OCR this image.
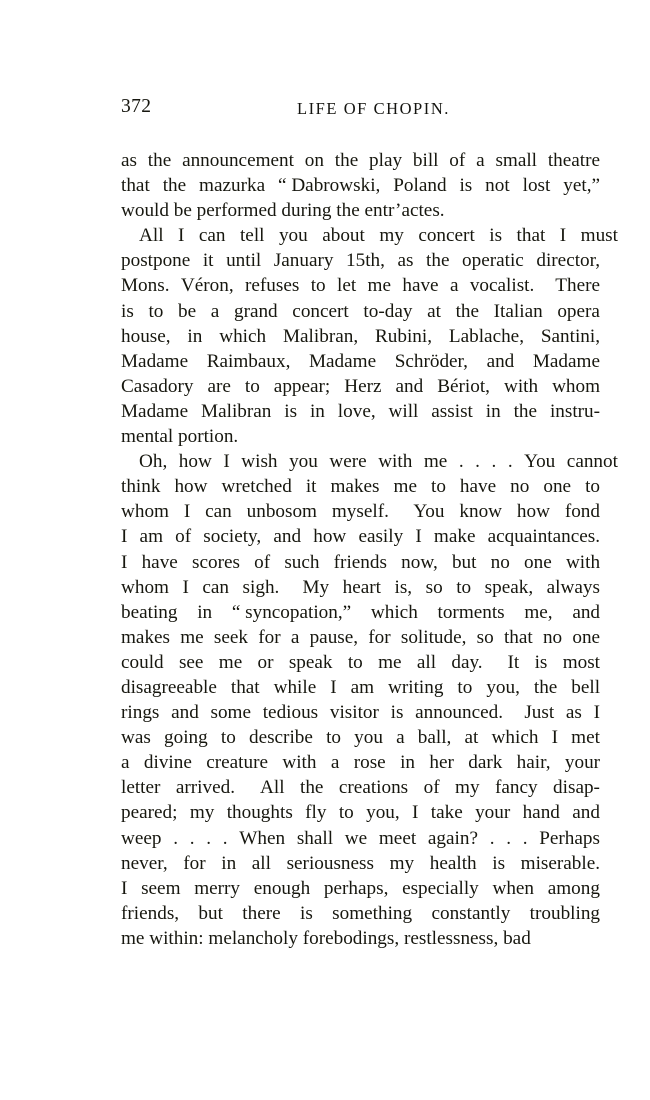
372	LIFE OF CHOPIN.
as the announcement on the play bill of a small theatre
that the mazurka “ Dabrowski, Poland is not lost yet,”
would be performed during the entr’actes.
All I can tell you about my concert is that I must
postpone it until January 15th, as the operatic director,
Mons. Véron, refuses to let me have a vocalist.  There
is to be a grand concert to-day at the Italian opera
house, in which Malibran, Rubini, Lablache, Santini,
Madame Raimbaux, Madame Schröder, and Madame
Casadory are to appear; Herz and Bériot, with whom
Madame Malibran is in love, will assist in the instru-
mental portion.
Oh, how I wish you were with me . . . . You cannot
think how wretched it makes me to have no one to
whom I can unbosom myself.  You know how fond
I am of society, and how easily I make acquaintances.
I have scores of such friends now, but no one with
whom I can sigh.  My heart is, so to speak, always
beating in “ syncopation,” which torments me, and
makes me seek for a pause, for solitude, so that no one
could see me or speak to me all day.  It is most
disagreeable that while I am writing to you, the bell
rings and some tedious visitor is announced.  Just as I
was going to describe to you a ball, at which I met
a divine creature with a rose in her dark hair, your
letter arrived.  All the creations of my fancy disap-
peared; my thoughts fly to you, I take your hand and
weep . . . . When shall we meet again? . . . Perhaps
never, for in all seriousness my health is miserable.
I seem merry enough perhaps, especially when among
friends, but there is something constantly troubling
me within: melancholy forebodings, restlessness, bad
